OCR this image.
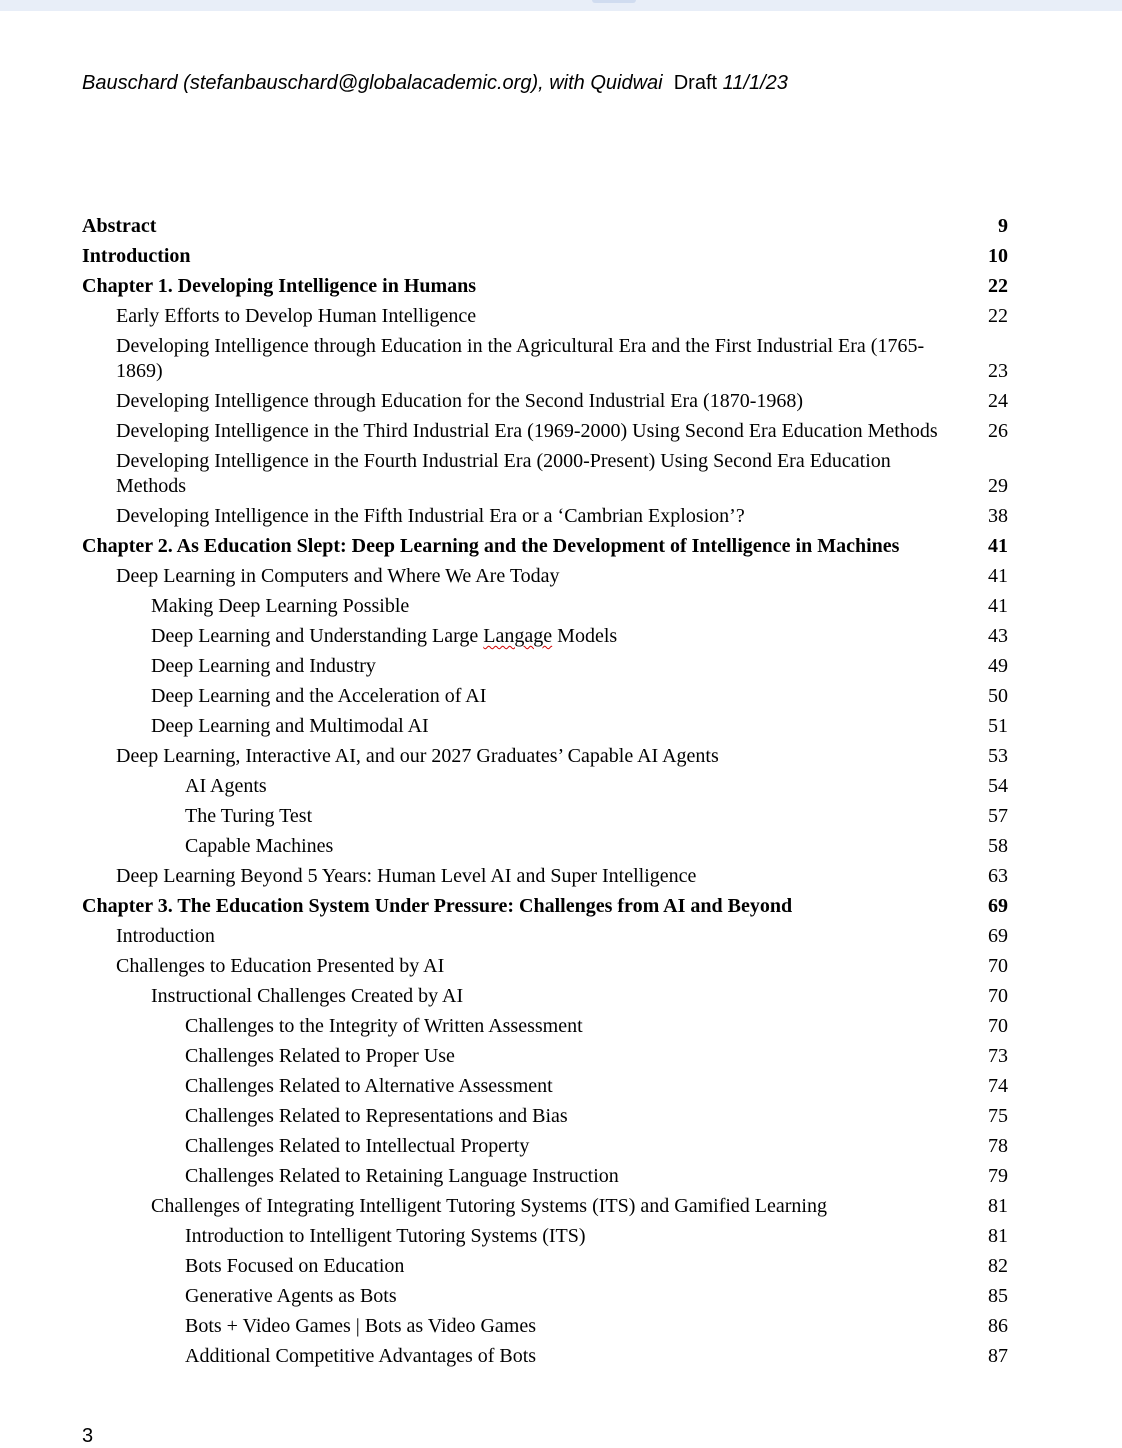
Bauschard (stefanbauschard@globalacademic.org), with Quidwai Draft 11/1/23
Abstract	9
Introduction	10
Chapter 1. Developing Intelligence in Humans	22
Early Efforts to Develop Human Intelligence	22
Developing Intelligence through Education in the Agricultural Era and the First Industrial Era (1765-1869)	23
Developing Intelligence through Education for the Second Industrial Era (1870-1968)	24
Developing Intelligence in the Third Industrial Era (1969-2000) Using Second Era Education Methods	26
Developing Intelligence in the Fourth Industrial Era (2000-Present) Using Second Era Education Methods	29
Developing Intelligence in the Fifth Industrial Era or a ‘Cambrian Explosion’?	38
Chapter 2. As Education Slept: Deep Learning and the Development of Intelligence in Machines	41
Deep Learning in Computers and Where We Are Today	41
Making Deep Learning Possible	41
Deep Learning and Understanding Large Langage Models	43
Deep Learning and Industry	49
Deep Learning and the Acceleration of AI	50
Deep Learning and Multimodal AI	51
Deep Learning, Interactive AI, and our 2027 Graduates’ Capable AI Agents	53
AI Agents	54
The Turing Test	57
Capable Machines	58
Deep Learning Beyond 5 Years: Human Level AI and Super Intelligence	63
Chapter 3. The Education System Under Pressure: Challenges from AI and Beyond	69
Introduction	69
Challenges to Education Presented by AI	70
Instructional Challenges Created by AI	70
Challenges to the Integrity of Written Assessment	70
Challenges Related to Proper Use	73
Challenges Related to Alternative Assessment	74
Challenges Related to Representations and Bias	75
Challenges Related to Intellectual Property	78
Challenges Related to Retaining Language Instruction	79
Challenges of Integrating Intelligent Tutoring Systems (ITS) and Gamified Learning	81
Introduction to Intelligent Tutoring Systems (ITS)	81
Bots Focused on Education	82
Generative Agents as Bots	85
Bots + Video Games | Bots as Video Games	86
Additional Competitive Advantages of Bots	87
3
